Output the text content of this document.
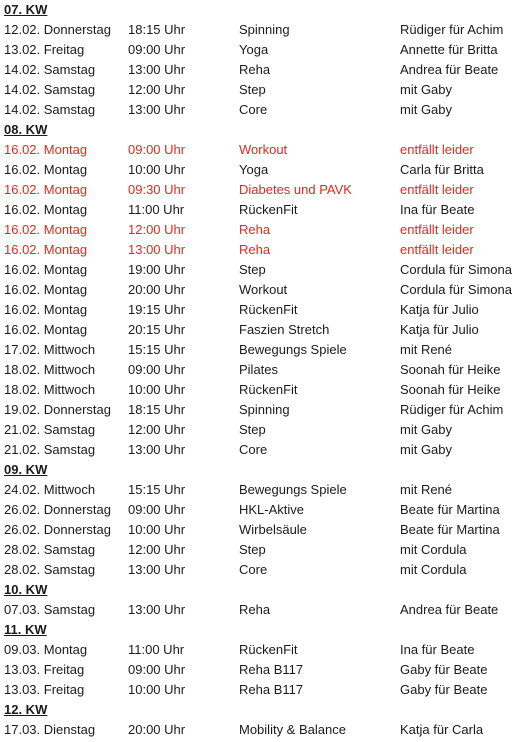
07. KW
12.02. Donnerstag 18:15 Uhr	Spinning	Rüdiger für Achim
13.02. Freitag	09:00 Uhr	Yoga	Annette für Britta
14.02. Samstag	13:00 Uhr	Reha	Andrea für Beate
14.02. Samstag	12:00 Uhr	Step	mit Gaby
14.02. Samstag	13:00 Uhr	Core	mit Gaby
08. KW
16.02. Montag	09:00 Uhr	Workout	entfällt leider
16.02. Montag	10:00 Uhr	Yoga	Carla für Britta
16.02. Montag	09:30 Uhr	Diabetes und PAVK	entfällt leider
16.02. Montag	11:00 Uhr	RückenFit	Ina für Beate
16.02. Montag	12:00 Uhr	Reha	entfällt leider
16.02. Montag	13:00 Uhr	Reha	entfällt leider
16.02. Montag	19:00 Uhr	Step	Cordula für Simona
16.02. Montag	20:00 Uhr	Workout	Cordula für Simona
16.02. Montag	19:15 Uhr	RückenFit	Katja für Julio
16.02. Montag	20:15 Uhr	Faszien Stretch	Katja für Julio
17.02. Mittwoch	15:15 Uhr	Bewegungs Spiele	mit René
18.02. Mittwoch	09:00 Uhr	Pilates	Soonah für Heike
18.02. Mittwoch	10:00 Uhr	RückenFit	Soonah für Heike
19.02. Donnerstag 18:15 Uhr	Spinning	Rüdiger für Achim
21.02. Samstag	12:00 Uhr	Step	mit Gaby
21.02. Samstag	13:00 Uhr	Core	mit Gaby
09. KW
24.02. Mittwoch	15:15 Uhr	Bewegungs Spiele	mit René
26.02. Donnerstag 09:00 Uhr	HKL-Aktive	Beate für Martina
26.02. Donnerstag 10:00 Uhr	Wirbelsäule	Beate für Martina
28.02. Samstag	12:00 Uhr	Step	mit Cordula
28.02. Samstag	13:00 Uhr	Core	mit Cordula
10. KW
07.03. Samstag	13:00 Uhr	Reha	Andrea für Beate
11. KW
09.03. Montag	11:00 Uhr	RückenFit	Ina für Beate
13.03. Freitag	09:00 Uhr	Reha B117	Gaby für Beate
13.03. Freitag	10:00 Uhr	Reha B117	Gaby für Beate
12. KW
17.03. Dienstag	20:00 Uhr	Mobility & Balance	Katja für Carla
